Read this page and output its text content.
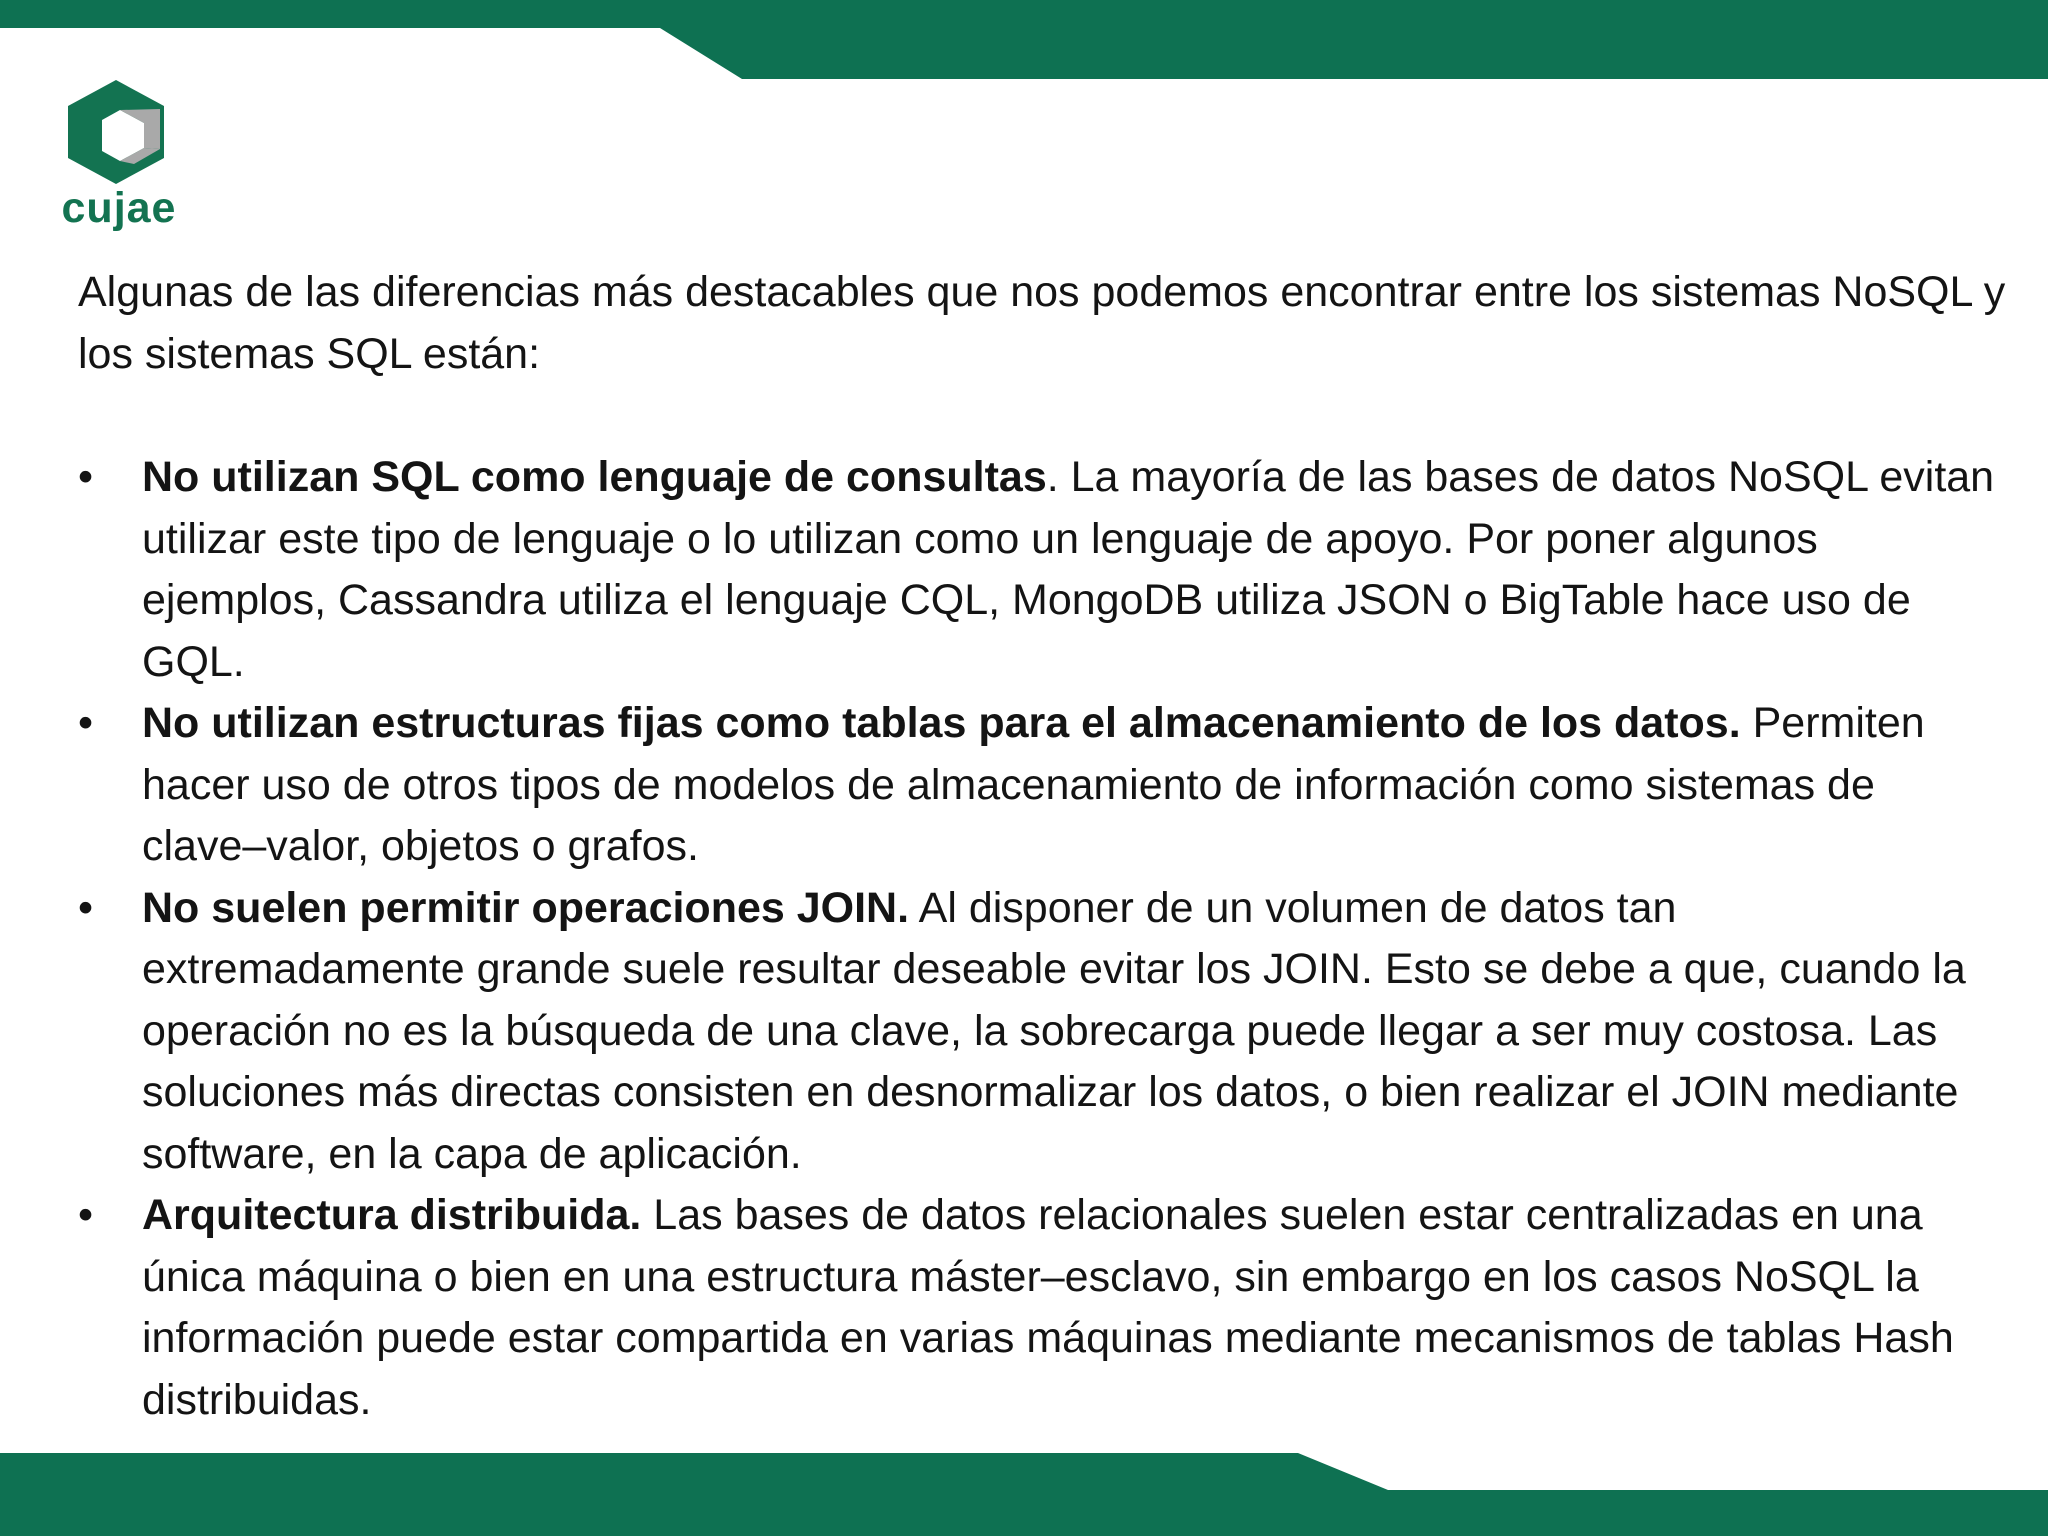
cujae

Algunas de las diferencias más destacables que nos podemos encontrar entre los sistemas NoSQL y los sistemas SQL están:

•	No utilizan SQL como lenguaje de consultas. La mayoría de las bases de datos NoSQL evitan utilizar este tipo de lenguaje o lo utilizan como un lenguaje de apoyo. Por poner algunos ejemplos, Cassandra utiliza el lenguaje CQL, MongoDB utiliza JSON o BigTable hace uso de GQL.
•	No utilizan estructuras fijas como tablas para el almacenamiento de los datos. Permiten hacer uso de otros tipos de modelos de almacenamiento de información como sistemas de clave–valor, objetos o grafos.
•	No suelen permitir operaciones JOIN. Al disponer de un volumen de datos tan extremadamente grande suele resultar deseable evitar los JOIN. Esto se debe a que, cuando la operación no es la búsqueda de una clave, la sobrecarga puede llegar a ser muy costosa. Las soluciones más directas consisten en desnormalizar los datos, o bien realizar el JOIN mediante software, en la capa de aplicación.
•	Arquitectura distribuida. Las bases de datos relacionales suelen estar centralizadas en una única máquina o bien en una estructura máster–esclavo, sin embargo en los casos NoSQL la información puede estar compartida en varias máquinas mediante mecanismos de tablas Hash distribuidas.
